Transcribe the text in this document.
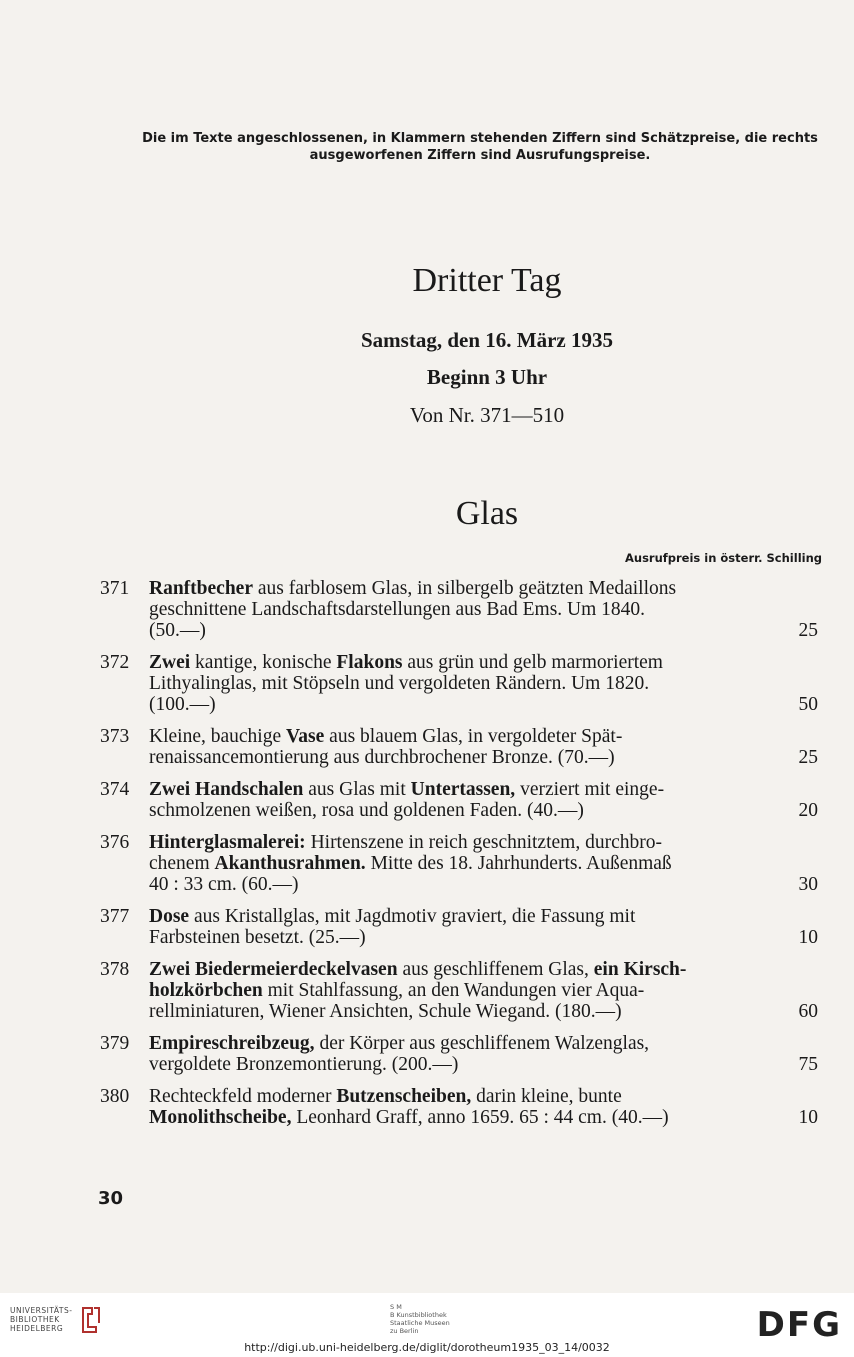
Die im Texte angeschlossenen, in Klammern stehenden Ziffern sind Schätzpreise, die rechts
ausgeworfenen Ziffern sind Ausrufungspreise.
Dritter Tag
Samstag, den 16. März 1935
Beginn 3 Uhr
Von Nr. 371—510
Glas
Ausrufpreis in österr. Schilling
371	Ranftbecher aus farblosem Glas, in silbergelb geätzten Medaillons
geschnittene Landschaftsdarstellungen aus Bad Ems. Um 1840.
(50.—)	25
372	Zwei kantige, konische Flakons aus grün und gelb marmoriertem
Lithyalinglas, mit Stöpseln und vergoldeten Rändern. Um 1820.
(100.—)	50
373	Kleine, bauchige Vase aus blauem Glas, in vergoldeter Spät-
renaissancemontierung aus durchbrochener Bronze. (70.—)	25
374	Zwei Handschalen aus Glas mit Untertassen, verziert mit einge-
schmolzenen weißen, rosa und goldenen Faden. (40.—)	20
376	Hinterglasmalerei: Hirtenszene in reich geschnitztem, durchbro-
chenem Akanthusrahmen. Mitte des 18. Jahrhunderts. Außenmaß
40 : 33 cm. (60.—)	30
377	Dose aus Kristallglas, mit Jagdmotiv graviert, die Fassung mit
Farbsteinen besetzt. (25.—)	10
378	Zwei Biedermeierdeckelvasen aus geschliffenem Glas, ein Kirsch-
holzkörbchen mit Stahlfassung, an den Wandungen vier Aqua-
rellminiaturen, Wiener Ansichten, Schule Wiegand. (180.—)	60
379	Empireschreibzeug, der Körper aus geschliffenem Walzenglas,
vergoldete Bronzemontierung. (200.—)	75
380	Rechteckfeld moderner Butzenscheiben, darin kleine, bunte
Monolithscheibe, Leonhard Graff, anno 1659. 65 : 44 cm. (40.—)	10
30
UNIVERSITÄTS-
BIBLIOTHEK
HEIDELBERG
S M
B Kunstbibliothek
Staatliche Museen
zu Berlin	DFG
http://digi.ub.uni-heidelberg.de/diglit/dorotheum1935_03_14/0032
